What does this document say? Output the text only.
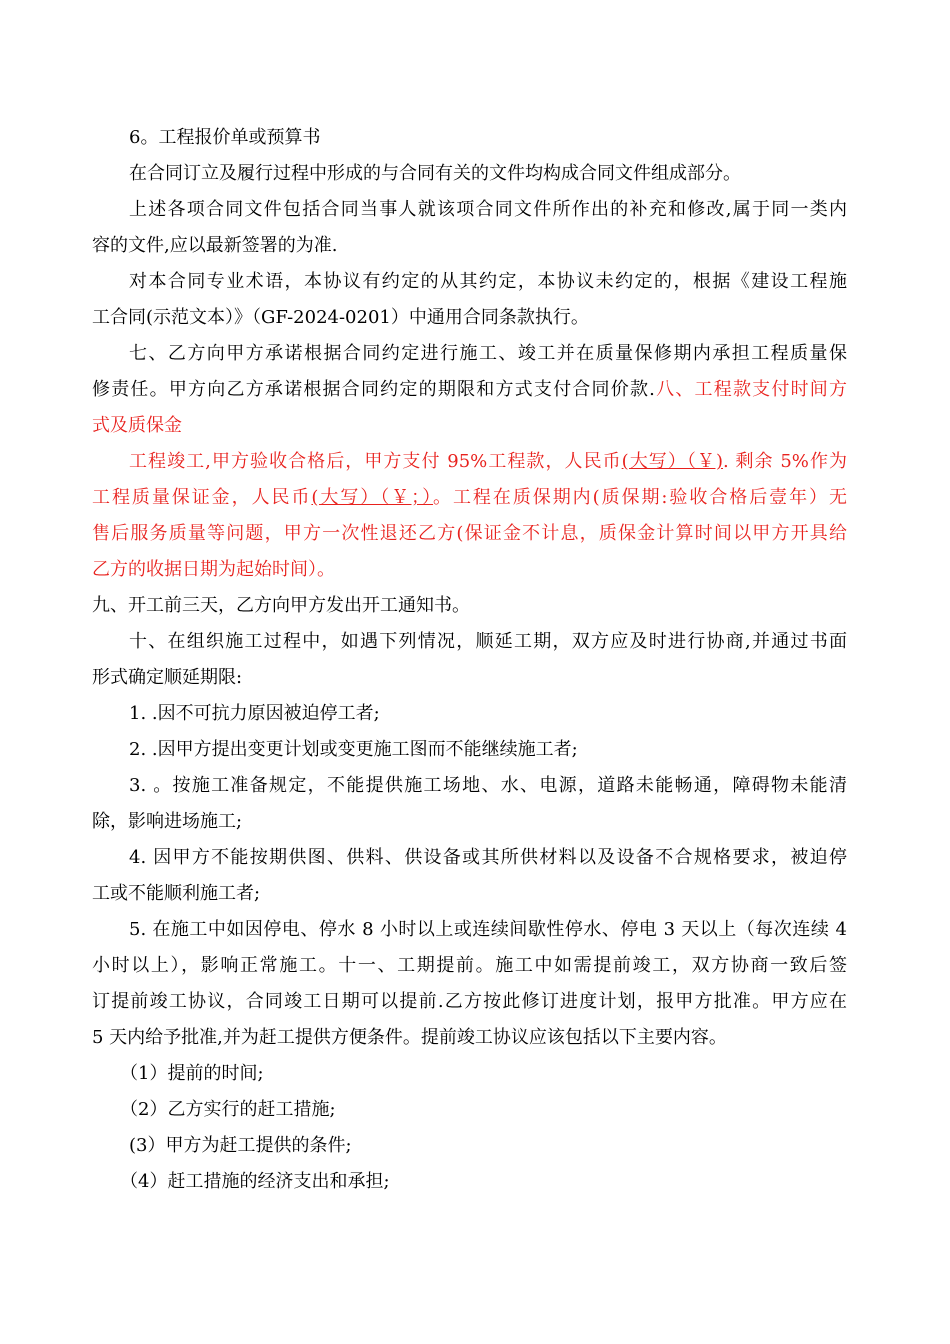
6。工程报价单或预算书
在合同订立及履行过程中形成的与合同有关的文件均构成合同文件组成部分。
上述各项合同文件包括合同当事人就该项合同文件所作出的补充和修改,属于同一类内
容的文件,应以最新签署的为准.
对本合同专业术语，本协议有约定的从其约定，本协议未约定的，根据《建设工程施
工合同(示范文本）》（GF-2024-0201）中通用合同条款执行。
七、乙方向甲方承诺根据合同约定进行施工、竣工并在质量保修期内承担工程质量保
修责任。甲方向乙方承诺根据合同约定的期限和方式支付合同价款.八、工程款支付时间方
式及质保金
工程竣工,甲方验收合格后，甲方支付 95%工程款，人民币(大写）（￥). 剩余 5%作为
工程质量保证金，人民币(大写）（￥；）。工程在质保期内(质保期:验收合格后壹年）无
售后服务质量等问题，甲方一次性退还乙方(保证金不计息，质保金计算时间以甲方开具给
乙方的收据日期为起始时间）。
九、开工前三天，乙方向甲方发出开工通知书。
十、在组织施工过程中，如遇下列情况，顺延工期，双方应及时进行协商,并通过书面
形式确定顺延期限:
1. .因不可抗力原因被迫停工者;
2. .因甲方提出变更计划或变更施工图而不能继续施工者;
3. 。按施工准备规定，不能提供施工场地、水、电源，道路未能畅通，障碍物未能清
除，影响进场施工;
4. 因甲方不能按期供图、供料、供设备或其所供材料以及设备不合规格要求，被迫停
工或不能顺利施工者;
5. 在施工中如因停电、停水 8 小时以上或连续间歇性停水、停电 3 天以上（每次连续 4
小时以上），影响正常施工。十一、工期提前。施工中如需提前竣工，双方协商一致后签
订提前竣工协议，合同竣工日期可以提前.乙方按此修订进度计划，报甲方批准。甲方应在
5 天内给予批准,并为赶工提供方便条件。提前竣工协议应该包括以下主要内容。
（1）提前的时间;
（2）乙方实行的赶工措施;
(3）甲方为赶工提供的条件;
（4）赶工措施的经济支出和承担;
